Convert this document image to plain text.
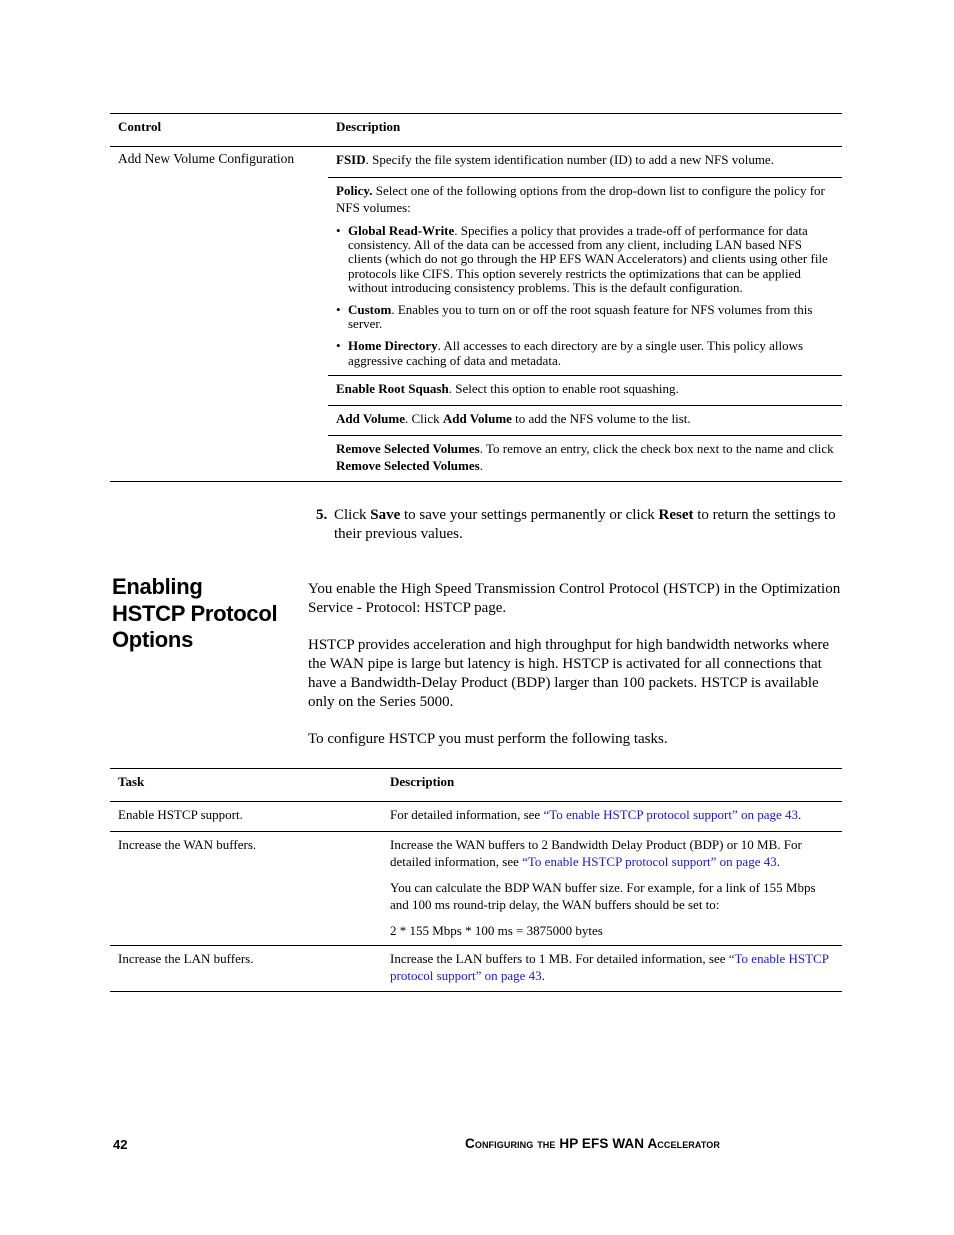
Control	Description
Add New Volume Configuration	FSID. Specify the file system identification number (ID) to add a new NFS volume.

Policy. Select one of the following options from the drop-down list to configure the policy for NFS volumes:

• Global Read-Write. Specifies a policy that provides a trade-off of performance for data consistency. All of the data can be accessed from any client, including LAN based NFS clients (which do not go through the HP EFS WAN Accelerators) and clients using other file protocols like CIFS. This option severely restricts the optimizations that can be applied without introducing consistency problems. This is the default configuration.
• Custom. Enables you to turn on or off the root squash feature for NFS volumes from this server.
• Home Directory. All accesses to each directory are by a single user. This policy allows aggressive caching of data and metadata.

Enable Root Squash. Select this option to enable root squashing.

Add Volume. Click Add Volume to add the NFS volume to the list.

Remove Selected Volumes. To remove an entry, click the check box next to the name and click Remove Selected Volumes.

5. Click Save to save your settings permanently or click Reset to return the settings to their previous values.
Enabling
HSTCP Protocol
Options

You enable the High Speed Transmission Control Protocol (HSTCP) in the Optimization Service - Protocol: HSTCP page.

HSTCP provides acceleration and high throughput for high bandwidth networks where the WAN pipe is large but latency is high. HSTCP is activated for all connections that have a Bandwidth-Delay Product (BDP) larger than 100 packets. HSTCP is available only on the Series 5000.

To configure HSTCP you must perform the following tasks.

Task	Description
Enable HSTCP support.	For detailed information, see “To enable HSTCP protocol support” on page 43.

Increase the WAN buffers.	Increase the WAN buffers to 2 Bandwidth Delay Product (BDP) or 10 MB. For detailed information, see “To enable HSTCP protocol support” on page 43.

You can calculate the BDP WAN buffer size. For example, for a link of 155 Mbps and 100 ms round-trip delay, the WAN buffers should be set to:

2 * 155 Mbps * 100 ms = 3875000 bytes

Increase the LAN buffers.	Increase the LAN buffers to 1 MB. For detailed information, see “To enable HSTCP protocol support” on page 43.

42	Configuring the HP EFS WAN Accelerator
